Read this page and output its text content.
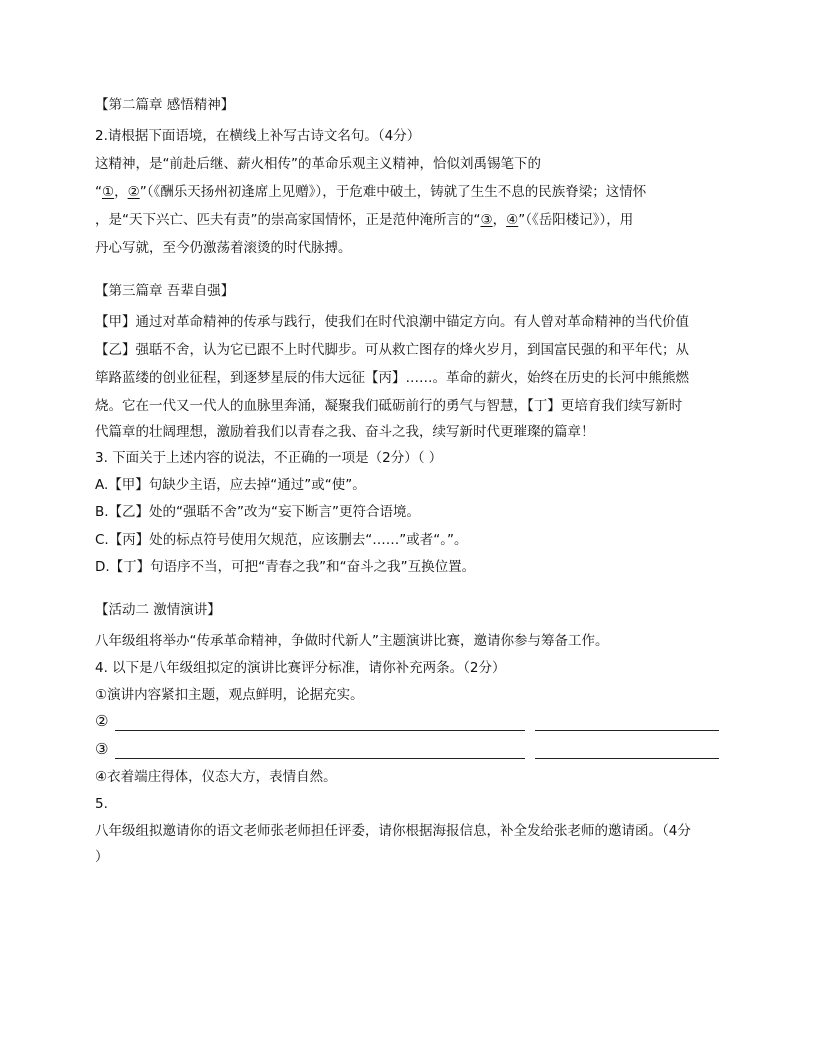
【第二篇章 感悟精神】
2.请根据下面语境，在横线上补写古诗文名句。（4分）
这精神，是“前赴后继、薪火相传”的革命乐观主义精神，恰似刘禹锡笔下的
“①，②”（《酬乐天扬州初逢席上见赠》），于危难中破土，铸就了生生不息的民族脊梁；这情怀
，是“天下兴亡、匹夫有责”的崇高家国情怀，正是范仲淹所言的“③，④”（《岳阳楼记》），用
丹心写就，至今仍激荡着滚烫的时代脉搏。
【第三篇章 吾辈自强】
【甲】通过对革命精神的传承与践行，使我们在时代浪潮中锚定方向。有人曾对革命精神的当代价值
【乙】强聒不舍，认为它已跟不上时代脚步。可从救亡图存的烽火岁月，到国富民强的和平年代；从
筚路蓝缕的创业征程，到逐梦星辰的伟大远征【丙】……。革命的薪火，始终在历史的长河中熊熊燃
烧。它在一代又一代人的血脉里奔涌，凝聚我们砥砺前行的勇气与智慧，【丁】更培育我们续写新时
代篇章的壮阔理想，激励着我们以青春之我、奋斗之我，续写新时代更璀璨的篇章！
3. 下面关于上述内容的说法，不正确的一项是（2分）（ ）
A.【甲】句缺少主语，应去掉“通过”或“使”。
B.【乙】处的“强聒不舍”改为“妄下断言”更符合语境。
C.【丙】处的标点符号使用欠规范，应该删去“……”或者“。”。
D.【丁】句语序不当，可把“青春之我”和“奋斗之我”互换位置。
【活动二 激情演讲】
八年级组将举办“传承革命精神，争做时代新人”主题演讲比赛，邀请你参与筹备工作。
4. 以下是八年级组拟定的演讲比赛评分标准，请你补充两条。（2分）
①演讲内容紧扣主题，观点鲜明，论据充实。
②
③
④衣着端庄得体，仪态大方，表情自然。
5.
八年级组拟邀请你的语文老师张老师担任评委，请你根据海报信息，补全发给张老师的邀请函。（4分
）
